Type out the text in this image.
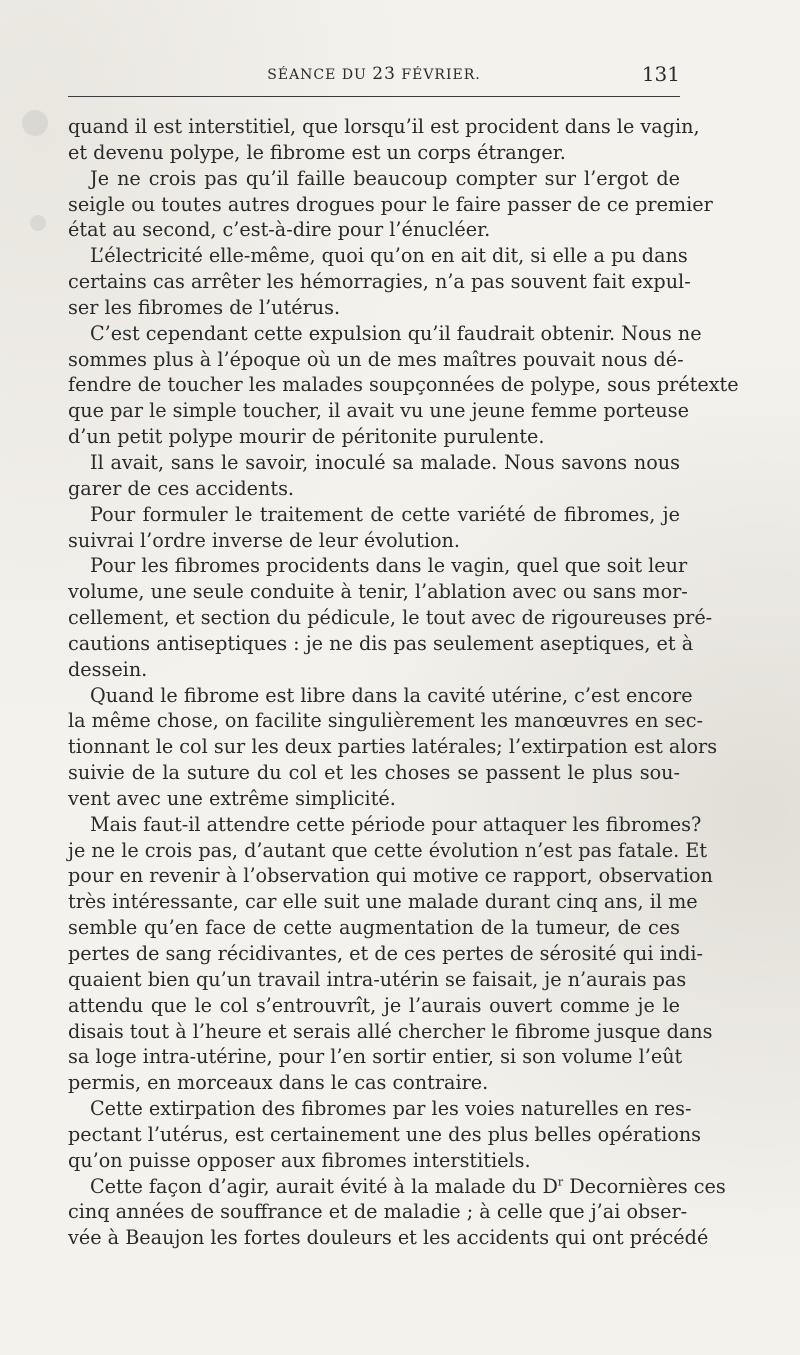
SÉANCE DU 23 FÉVRIER.	131
quand il est interstitiel, que lorsqu’il est procident dans le vagin,
et devenu polype, le fibrome est un corps étranger.
Je ne crois pas qu’il faille beaucoup compter sur l’ergot de
seigle ou toutes autres drogues pour le faire passer de ce premier
état au second, c’est-à-dire pour l’énucléer.
L’électricité elle-même, quoi qu’on en ait dit, si elle a pu dans
certains cas arrêter les hémorragies, n’a pas souvent fait expul-
ser les fibromes de l’utérus.
C’est cependant cette expulsion qu’il faudrait obtenir. Nous ne
sommes plus à l’époque où un de mes maîtres pouvait nous dé-
fendre de toucher les malades soupçonnées de polype, sous prétexte
que par le simple toucher, il avait vu une jeune femme porteuse
d’un petit polype mourir de péritonite purulente.
Il avait, sans le savoir, inoculé sa malade. Nous savons nous
garer de ces accidents.
Pour formuler le traitement de cette variété de fibromes, je
suivrai l’ordre inverse de leur évolution.
Pour les fibromes procidents dans le vagin, quel que soit leur
volume, une seule conduite à tenir, l’ablation avec ou sans mor-
cellement, et section du pédicule, le tout avec de rigoureuses pré-
cautions antiseptiques : je ne dis pas seulement aseptiques, et à
dessein.
Quand le fibrome est libre dans la cavité utérine, c’est encore
la même chose, on facilite singulièrement les manœuvres en sec-
tionnant le col sur les deux parties latérales; l’extirpation est alors
suivie de la suture du col et les choses se passent le plus sou-
vent avec une extrême simplicité.
Mais faut-il attendre cette période pour attaquer les fibromes?
je ne le crois pas, d’autant que cette évolution n’est pas fatale. Et
pour en revenir à l’observation qui motive ce rapport, observation
très intéressante, car elle suit une malade durant cinq ans, il me
semble qu’en face de cette augmentation de la tumeur, de ces
pertes de sang récidivantes, et de ces pertes de sérosité qui indi-
quaient bien qu’un travail intra-utérin se faisait, je n’aurais pas
attendu que le col s’entrouvrît, je l’aurais ouvert comme je le
disais tout à l’heure et serais allé chercher le fibrome jusque dans
sa loge intra-utérine, pour l’en sortir entier, si son volume l’eût
permis, en morceaux dans le cas contraire.
Cette extirpation des fibromes par les voies naturelles en res-
pectant l’utérus, est certainement une des plus belles opérations
qu’on puisse opposer aux fibromes interstitiels.
Cette façon d’agir, aurait évité à la malade du $D^r$ Decornières ces
cinq années de souffrance et de maladie ; à celle que j’ai obser-
vée à Beaujon les fortes douleurs et les accidents qui ont précédé
